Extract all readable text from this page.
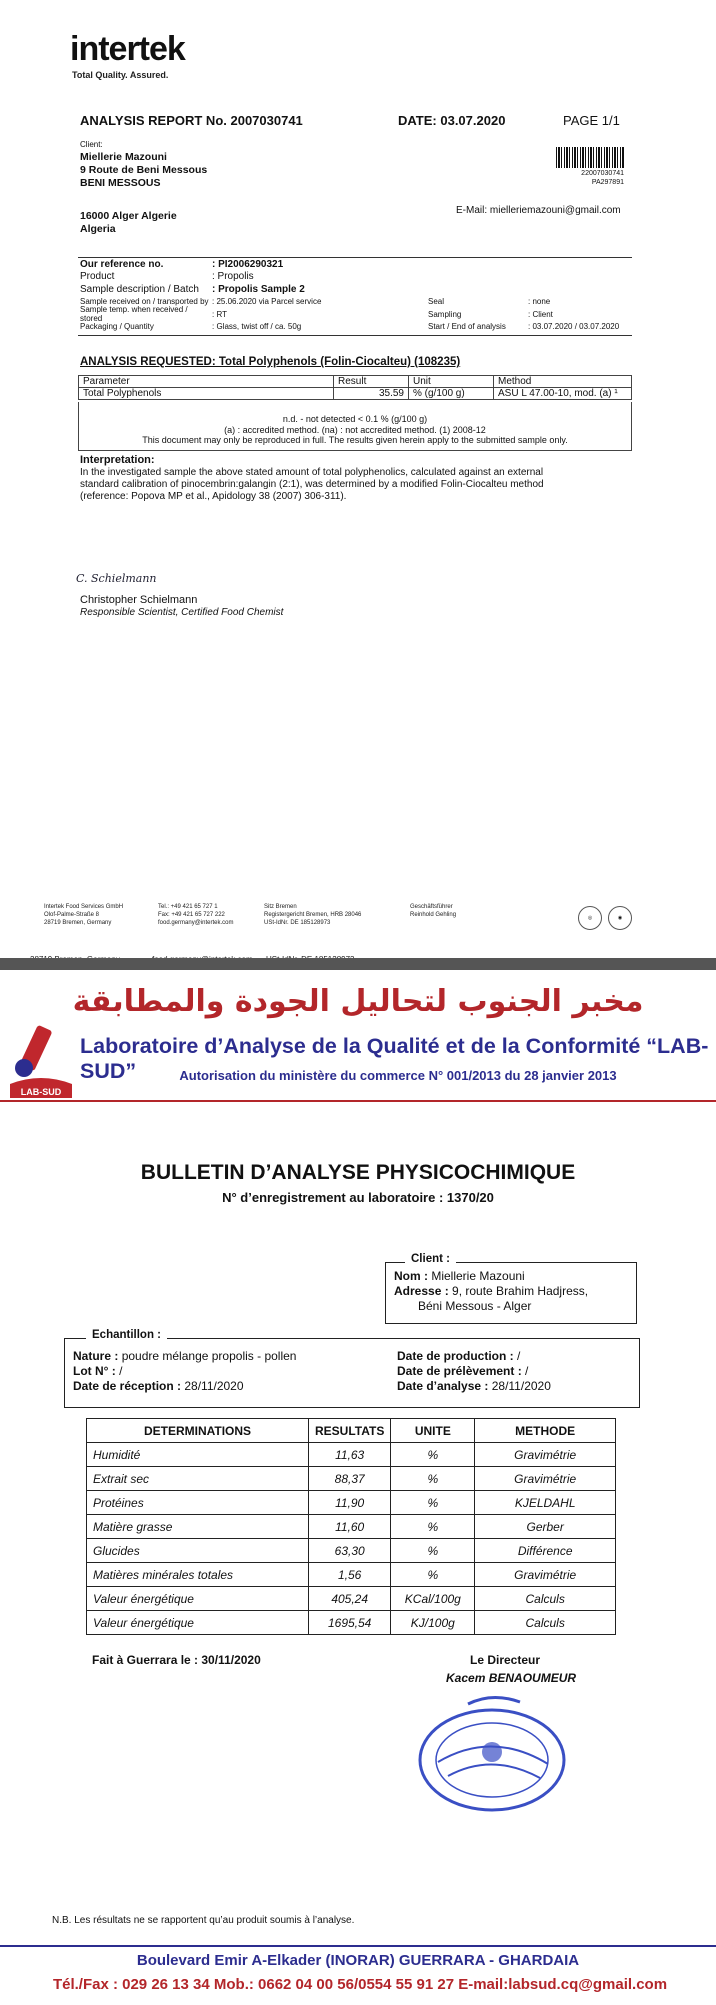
intertek
Total Quality. Assured.
ANALYSIS REPORT No. 2007030741	DATE: 03.07.2020	PAGE 1/1
Client:
Miellerie Mazouni
9 Route de Beni Messous
BENI MESSOUS
16000 Alger Algerie
Algeria
22007030741
PA297891
E-Mail: mielleriemazouni@gmail.com
Our reference no.	: PI2006290321
Product	: Propolis
Sample description / Batch	: Propolis Sample 2
Sample received on / transported by : 25.06.2020 via Parcel service	Seal	: none
Sample temp. when received / stored	: RT	Sampling	: Client
Packaging / Quantity	: Glass, twist off / ca. 50g	Start / End of analysis	: 03.07.2020 / 03.07.2020
ANALYSIS REQUESTED: Total Polyphenols (Folin-Ciocalteu) (108235)
Parameter	Result	Unit	Method
Total Polyphenols	35.59	% (g/100 g)	ASU L 47.00-10, mod. (a) ¹
n.d. - not detected < 0.1 % (g/100 g)
(a) : accredited method. (na) : not accredited method. (1) 2008-12
This document may only be reproduced in full. The results given herein apply to the submitted sample only.
Interpretation:
In the investigated sample the above stated amount of total polyphenolics, calculated against an external standard calibration of pinocembrin:galangin (2:1), was determined by a modified Folin-Ciocalteu method (reference: Popova MP et al., Apidology 38 (2007) 306-311).
C. Schielmann
Christopher Schielmann
Responsible Scientist, Certified Food Chemist
Intertek Food Services GmbH
Olof-Palme-Straße 8
28719 Bremen, Germany
Tel.: +49 421 65 727 1
Fax: +49 421 65 727 222
food.germany@intertek.com
Sitz Bremen
Registergericht Bremen, HRB 28046
USt-IdNr. DE 185128973
Geschäftsführer
Reinhold Gehling	◎	◉
مخبر الجنوب لتحاليل الجودة والمطابقة
LAB-SUD
Laboratoire d’Analyse de la Qualité et de la Conformité “LAB-SUD”	Autorisation du ministère du commerce N° 001/2013 du 28 janvier 2013
BULLETIN D’ANALYSE PHYSICOCHIMIQUE
N° d’enregistrement au laboratoire : 1370/20
Nom : Miellerie Mazouni
Adresse : 9, route Brahim Hadjress,
Béni Messous - Alger
Client :
Nature : poudre mélange propolis - pollen
Lot N° : /
Date de réception : 28/11/2020
Date de production : /
Date de prélèvement : /
Date d’analyse : 28/11/2020
Echantillon :
DETERMINATIONS	RESULTATS	UNITE	METHODE
Humidité	11,63	%	Gravimétrie
Extrait sec	88,37	%	Gravimétrie
Protéines	11,90	%	KJELDAHL
Matière grasse	11,60	%	Gerber
Glucides	63,30	%	Différence
Matières minérales totales	1,56	%	Gravimétrie
Valeur énergétique	405,24	KCal/100g	Calculs
Valeur énergétique	1695,54	KJ/100g	Calculs
Fait à Guerrara le : 30/11/2020	Le Directeur
Kacem BENAOUMEUR
N.B. Les résultats ne se rapportent qu’au produit soumis à l’analyse.
Boulevard Emir A-Elkader (INORAR) GUERRARA - GHARDAIA
Tél./Fax : 029 26 13 34 Mob.: 0662 04 00 56/0554 55 91 27 E-mail:labsud.cq@gmail.com
